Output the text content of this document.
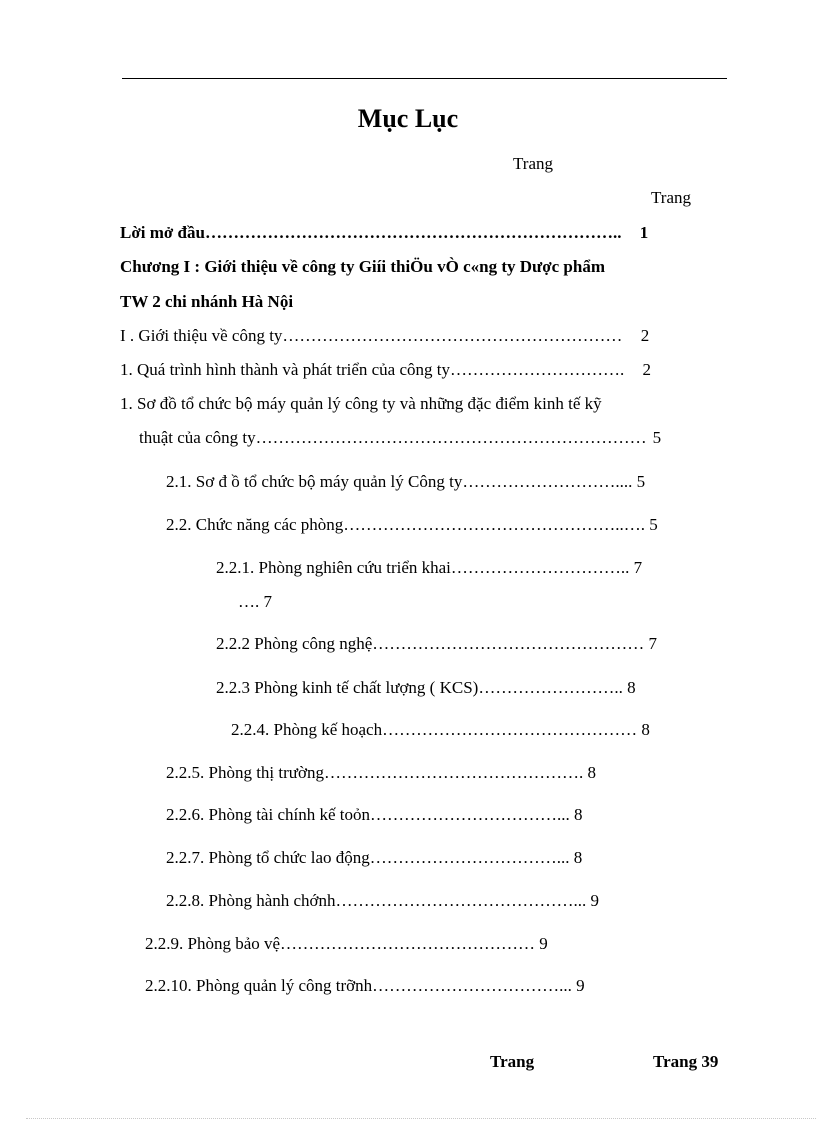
Mục Lục
Trang
Trang
Lời mở đầu……………………………………………………………….. 1
Chương I : Giới thiệu về công ty Giíi thiÖu vÒ c«ng ty Dược phẩm
TW 2 chi nhánh Hà Nội
I . Giới thiệu về công ty…………………………………………………… 2
1. Quá trình hình thành và phát triển của công ty…………………………. 2
1. Sơ đồ tổ chức bộ máy quản lý công ty và những đặc điểm kinh tế kỹ
thuật của công ty…………………………………………………………… 5
2.1. Sơ đ ồ tổ chức bộ máy quản lý Công ty……………………….... 5
2.2. Chức năng các phòng…………………………………………..…. 5
2.2.1. Phòng nghiên cứu triển khai………………………….. 7
…. 7
2.2.2 Phòng công nghệ………………………………………… 7
2.2.3 Phòng kinh tế chất lượng ( KCS)…………………….. 8
2.2.4. Phòng kế hoạch……………………………………… 8
2.2.5. Phòng thị trường………………………………………. 8
2.2.6. Phòng tài chính kế toỏn……………………………... 8
2.2.7. Phòng tổ chức lao động……………………………... 8
2.2.8. Phòng hành chớnh……………………………………... 9
2.2.9. Phòng bảo vệ……………………………………… 9
2.2.10. Phòng quản lý công trỡnh……………………………... 9
Trang	Trang 39
